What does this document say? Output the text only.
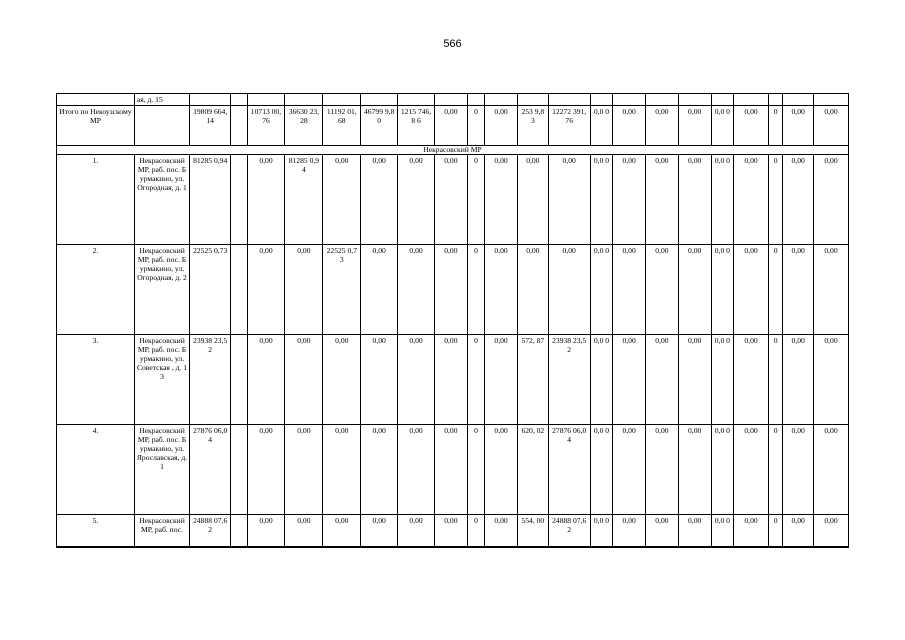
566
	ая, д. 15																					
Итого по Некоузскому МР		19809 664,14		10713 00,76	36630 23,28	11192 01,68	46799 9,80	1215 746,8 6	0,00	0	0,00	253 9,83	12272 391,76	0,0 0	0,00	0,00	0,00	0,0 0	0,00	0	0,00	0,00
Некрасовский МР																						
1.	Некрасовский МР, раб. пос. Бурмакино, ул. Огородная, д. 1	81285 0,94		0,00	81285 0,94	0,00	0,00	0,00	0,00	0	0,00	0,00	0,00	0,0 0	0,00	0,00	0,00	0,0 0	0,00	0	0,00	0,00
2.	Некрасовский МР, раб. пос. Бурмакино, ул. Огородная, д. 2	22525 0,73		0,00	0,00	22525 0,73	0,00	0,00	0,00	0	0,00	0,00	0,00	0,0 0	0,00	0,00	0,00	0,0 0	0,00	0	0,00	0,00
3.	Некрасовский МР, раб. пос. Бурмакино, ул. Советская , д. 13	23938 23,52		0,00	0,00	0,00	0,00	0,00	0,00	0	0,00	572, 87	23938 23,52	0,0 0	0,00	0,00	0,00	0,0 0	0,00	0	0,00	0,00
4.	Некрасовский МР, раб. пос. Бурмакино, ул. Ярославская, д. 1	27876 06,04		0,00	0,00	0,00	0,00	0,00	0,00	0	0,00	620, 02	27876 06,04	0,0 0	0,00	0,00	0,00	0,0 0	0,00	0	0,00	0,00
5.	Некрасовский МР, раб. пос.	24888 07,62		0,00	0,00	0,00	0,00	0,00	0,00	0	0,00	554, 00	24888 07,62	0,0 0	0,00	0,00	0,00	0,0 0	0,00	0	0,00	0,00
